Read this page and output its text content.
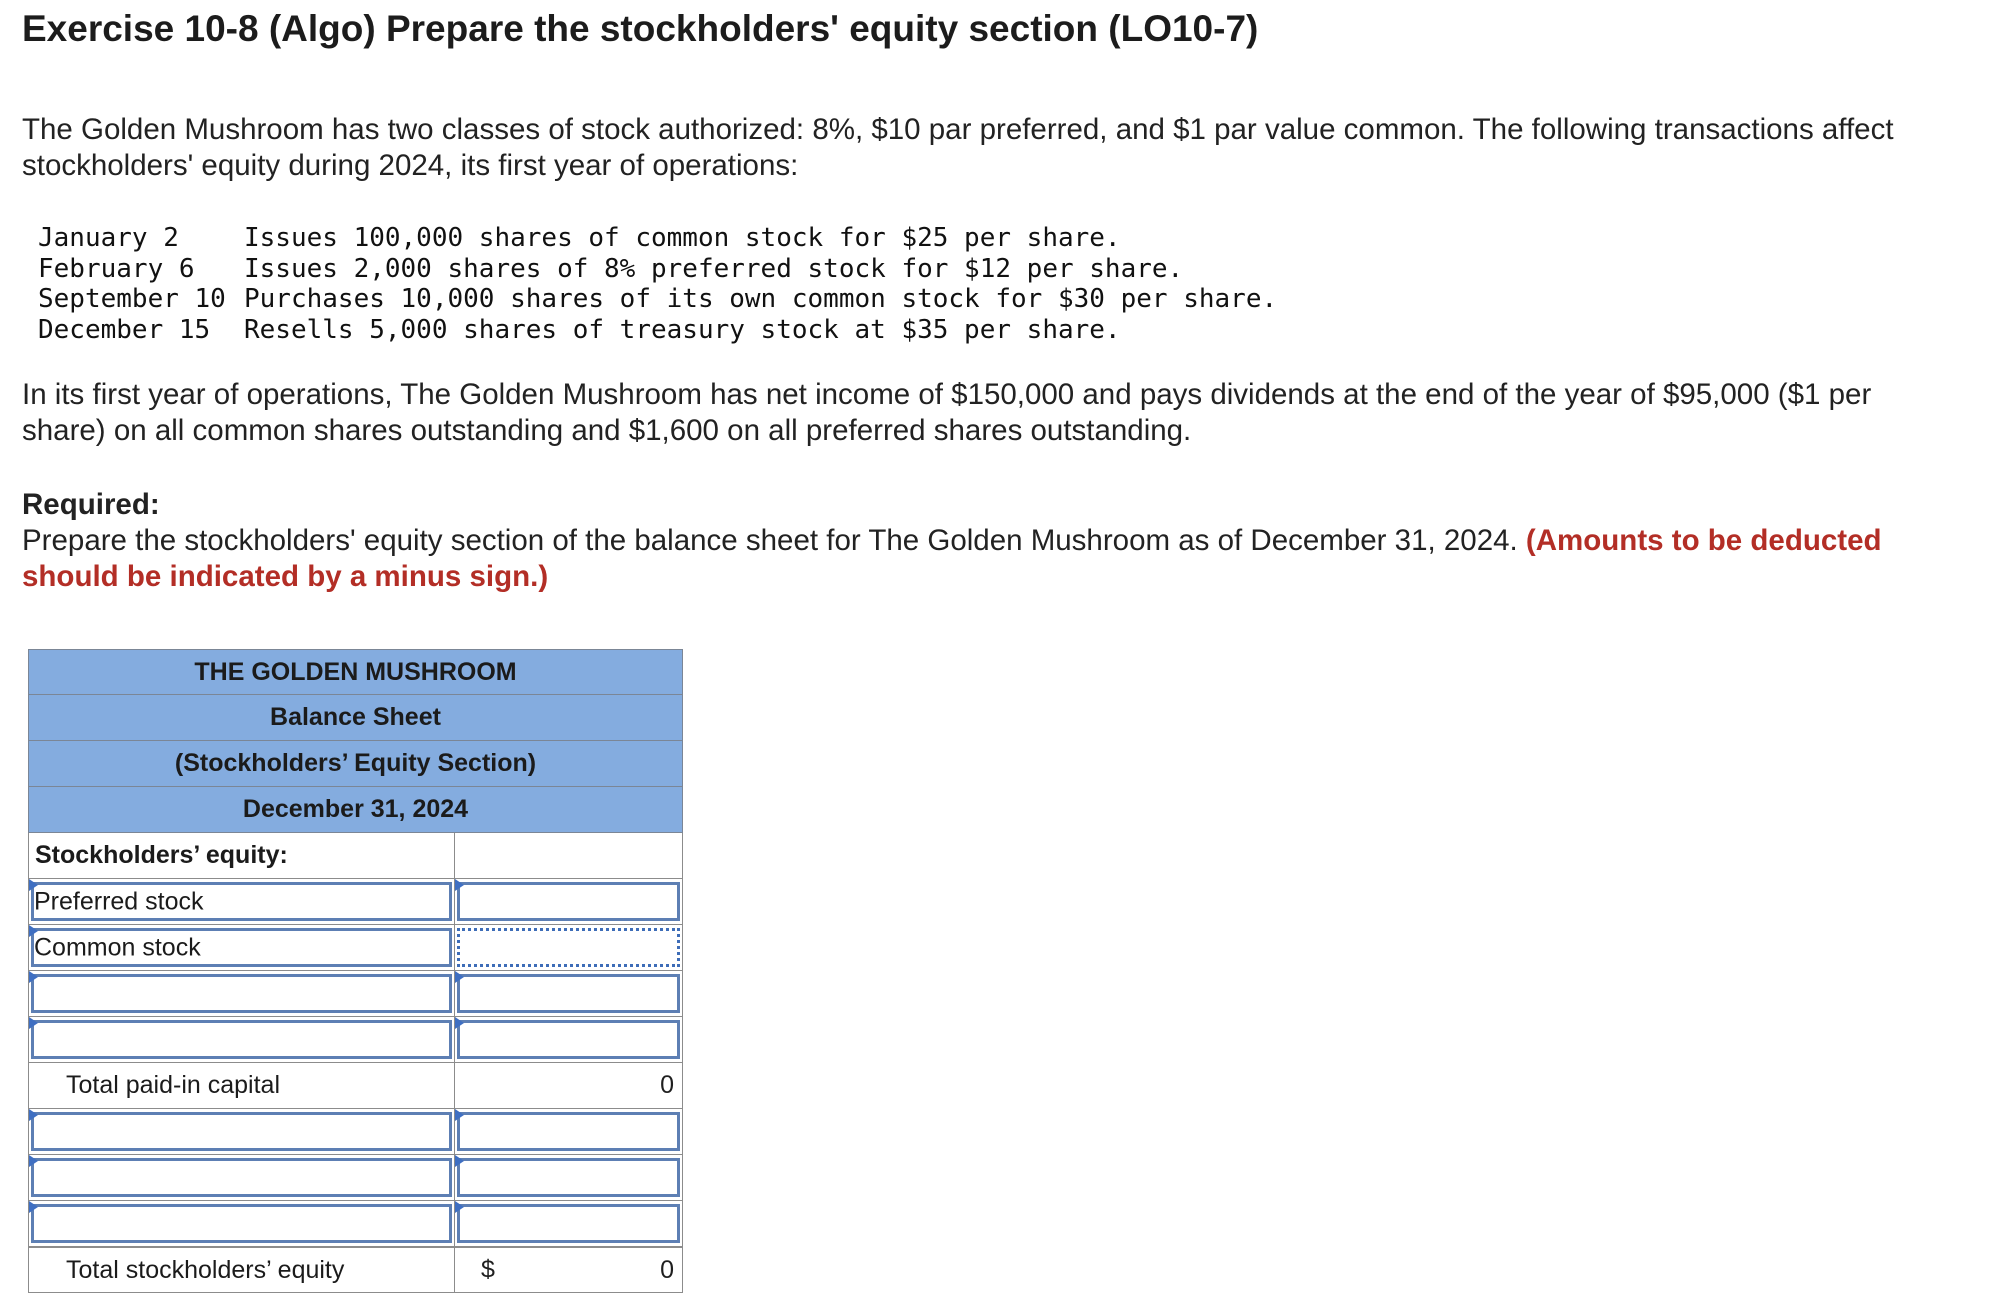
Exercise 10-8 (Algo) Prepare the stockholders' equity section (LO10-7)

The Golden Mushroom has two classes of stock authorized: 8%, $10 par preferred, and $1 par value common. The following transactions affect stockholders' equity during 2024, its first year of operations:

January 2	Issues 100,000 shares of common stock for $25 per share.
February 6	Issues 2,000 shares of 8% preferred stock for $12 per share.
September 10 Purchases 10,000 shares of its own common stock for $30 per share.
December 15	Resells 5,000 shares of treasury stock at $35 per share.

In its first year of operations, The Golden Mushroom has net income of $150,000 and pays dividends at the end of the year of $95,000 ($1 per share) on all common shares outstanding and $1,600 on all preferred shares outstanding.

Required:
Prepare the stockholders' equity section of the balance sheet for The Golden Mushroom as of December 31, 2024. (Amounts to be deducted should be indicated by a minus sign.)
THE GOLDEN MUSHROOM
Balance Sheet
(Stockholders’ Equity Section)
December 31, 2024
Stockholders’ equity:
Preferred stock
Common stock
Total paid-in capital	0
Total stockholders’ equity	$	0
